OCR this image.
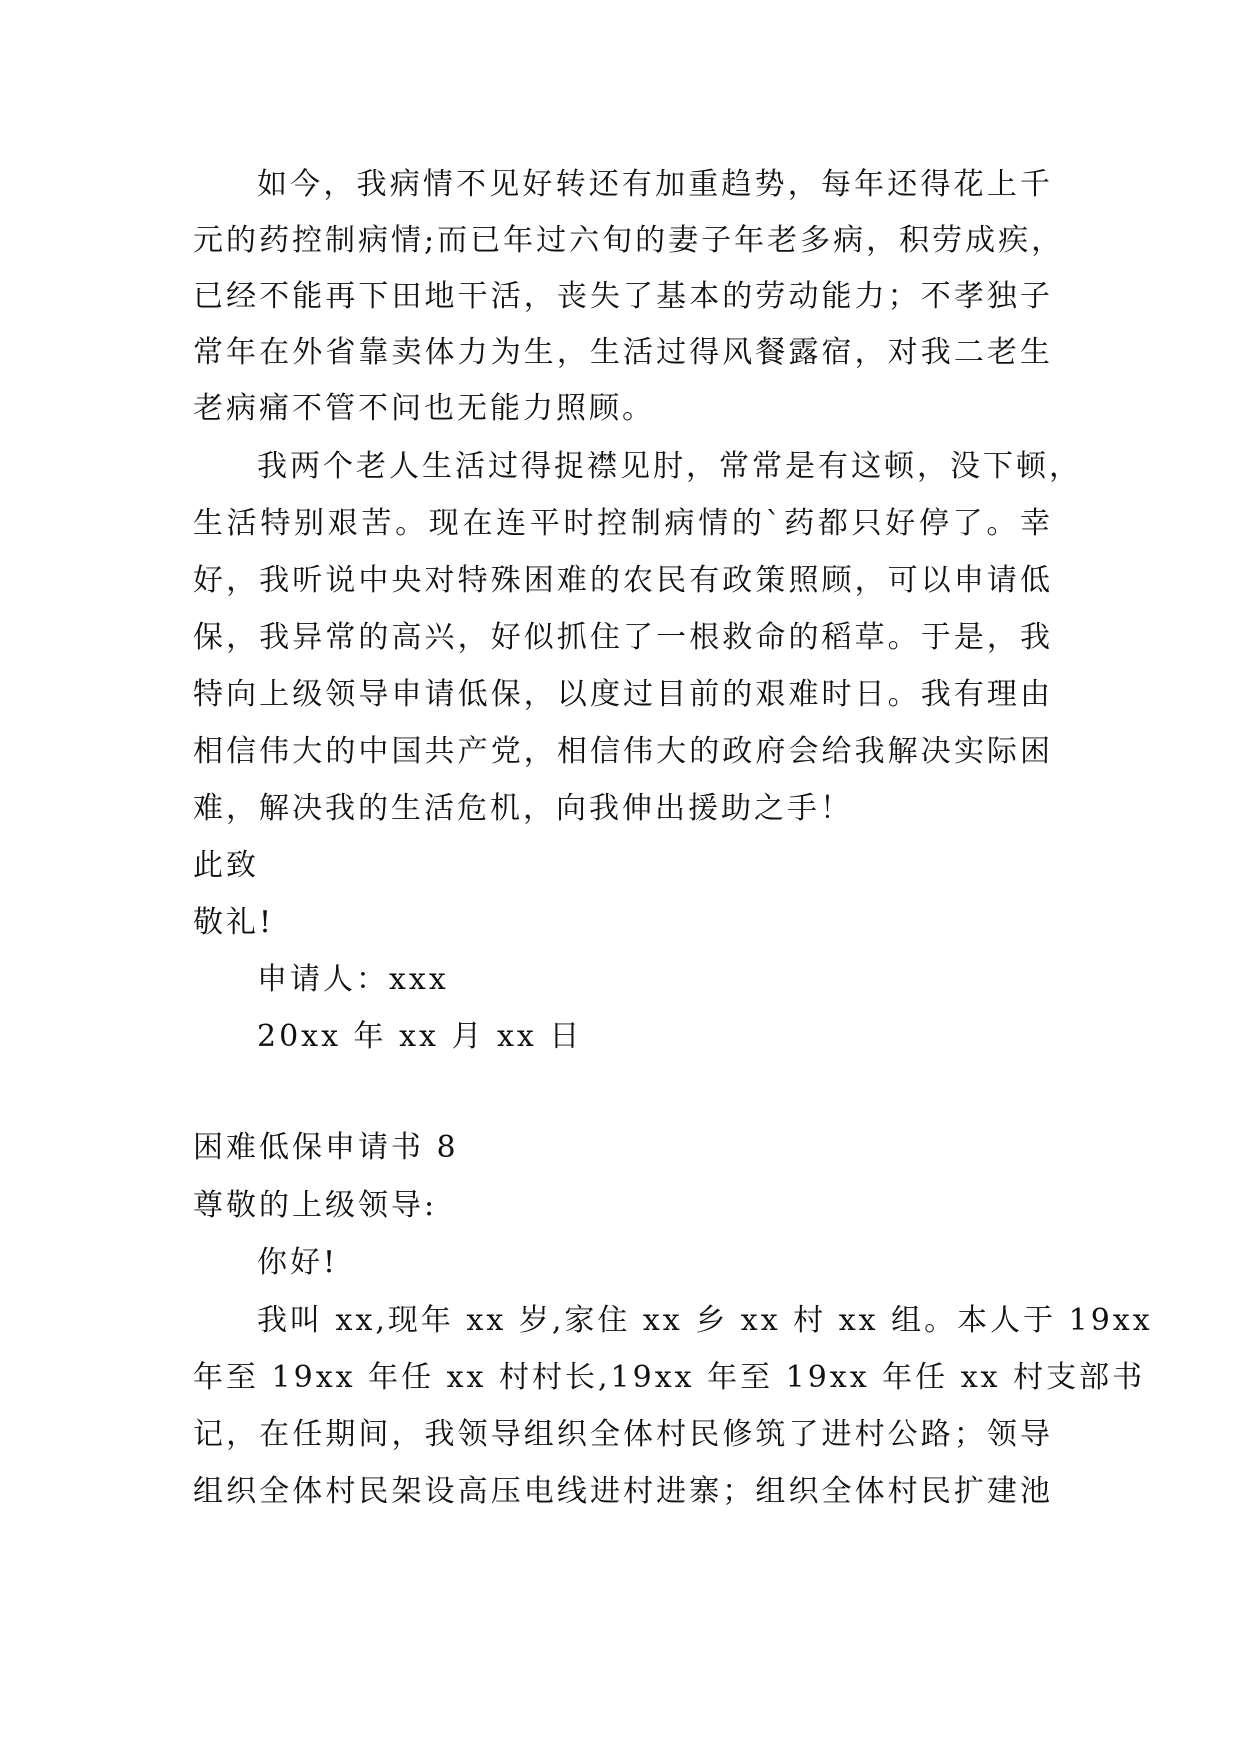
如今，我病情不见好转还有加重趋势，每年还得花上千
元的药控制病情;而已年过六旬的妻子年老多病，积劳成疾，
已经不能再下田地干活，丧失了基本的劳动能力；不孝独子
常年在外省靠卖体力为生，生活过得风餐露宿，对我二老生
老病痛不管不问也无能力照顾。
我两个老人生活过得捉襟见肘，常常是有这顿，没下顿，
生活特别艰苦。现在连平时控制病情的`药都只好停了。幸
好，我听说中央对特殊困难的农民有政策照顾，可以申请低
保，我异常的高兴，好似抓住了一根救命的稻草。于是，我
特向上级领导申请低保，以度过目前的艰难时日。我有理由
相信伟大的中国共产党，相信伟大的政府会给我解决实际困
难，解决我的生活危机，向我伸出援助之手！
此致
敬礼!
申请人：xxx
20xx 年 xx 月 xx 日
困难低保申请书 8
尊敬的上级领导:
你好!
我叫 xx,现年 xx 岁,家住 xx 乡 xx 村 xx 组。本人于 19xx
年至 19xx 年任 xx 村村长,19xx 年至 19xx 年任 xx 村支部书
记，在任期间，我领导组织全体村民修筑了进村公路；领导
组织全体村民架设高压电线进村进寨；组织全体村民扩建池
